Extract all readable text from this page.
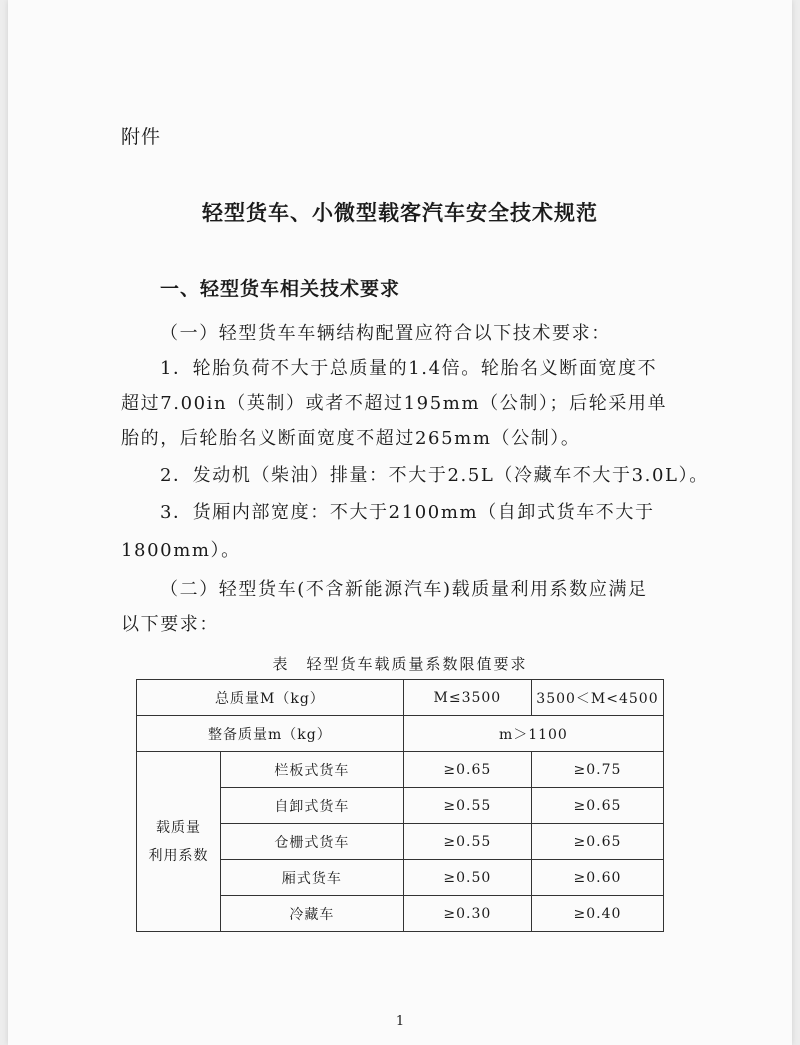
附件
轻型货车、小微型载客汽车安全技术规范
一、轻型货车相关技术要求
（一）轻型货车车辆结构配置应符合以下技术要求：
1．轮胎负荷不大于总质量的1.4倍。轮胎名义断面宽度不
超过7.00in（英制）或者不超过195mm（公制）；后轮采用单
胎的，后轮胎名义断面宽度不超过265mm（公制）。
2．发动机（柴油）排量：不大于2.5L（冷藏车不大于3.0L）。
3．货厢内部宽度：不大于2100mm（自卸式货车不大于
1800mm）。
（二）轻型货车(不含新能源汽车)载质量利用系数应满足
以下要求：
表　轻型货车载质量系数限值要求
总质量M（kg）		M≤3500	3500＜M<4500
整备质量m（kg）		m＞1100	

载质量
利用系数	栏板式货车	≥0.65	≥0.75
	自卸式货车	≥0.55	≥0.65
	仓栅式货车	≥0.55	≥0.65
	厢式货车	≥0.50	≥0.60
	冷藏车	≥0.30	≥0.40
1
